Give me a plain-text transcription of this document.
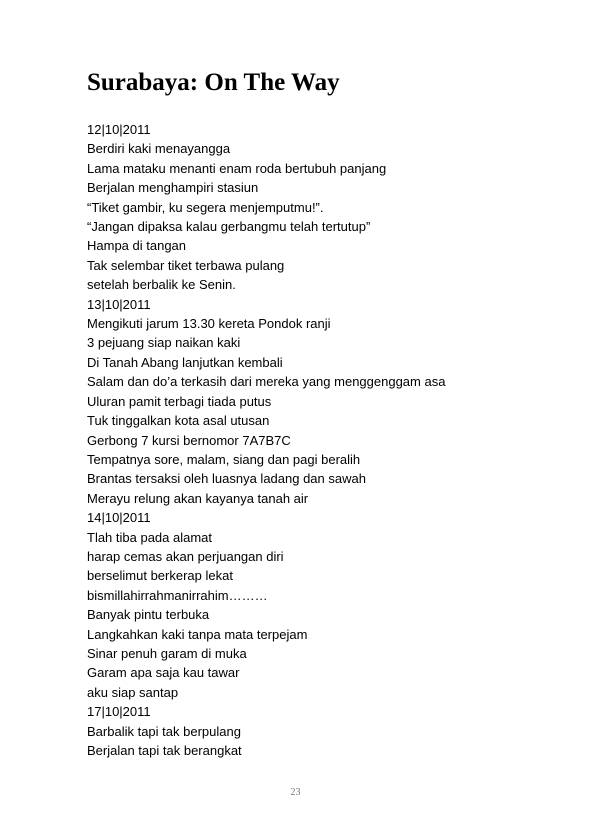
Surabaya: On The Way
12|10|2011
Berdiri kaki menayangga
Lama mataku menanti enam roda bertubuh panjang
Berjalan menghampiri stasiun
“Tiket gambir, ku segera menjemputmu!”.
“Jangan dipaksa kalau gerbangmu telah tertutup”
Hampa di tangan
Tak selembar tiket terbawa pulang
setelah berbalik ke Senin.
13|10|2011
Mengikuti jarum 13.30 kereta Pondok ranji
3 pejuang siap naikan kaki
Di Tanah Abang lanjutkan kembali
Salam dan do’a terkasih dari mereka yang menggenggam asa
Uluran pamit terbagi tiada putus
Tuk tinggalkan kota asal utusan
Gerbong 7 kursi bernomor 7A7B7C
Tempatnya sore, malam, siang dan pagi beralih
Brantas tersaksi oleh luasnya ladang dan sawah
Merayu relung akan kayanya tanah air
14|10|2011
Tlah tiba pada alamat
harap cemas akan perjuangan diri
berselimut berkerap lekat
bismillahirrahmanirrahim………
Banyak pintu terbuka
Langkahkan kaki tanpa mata terpejam
Sinar penuh garam di muka
Garam apa saja kau tawar
aku siap santap
17|10|2011
Barbalik tapi tak berpulang
Berjalan tapi tak berangkat
23
